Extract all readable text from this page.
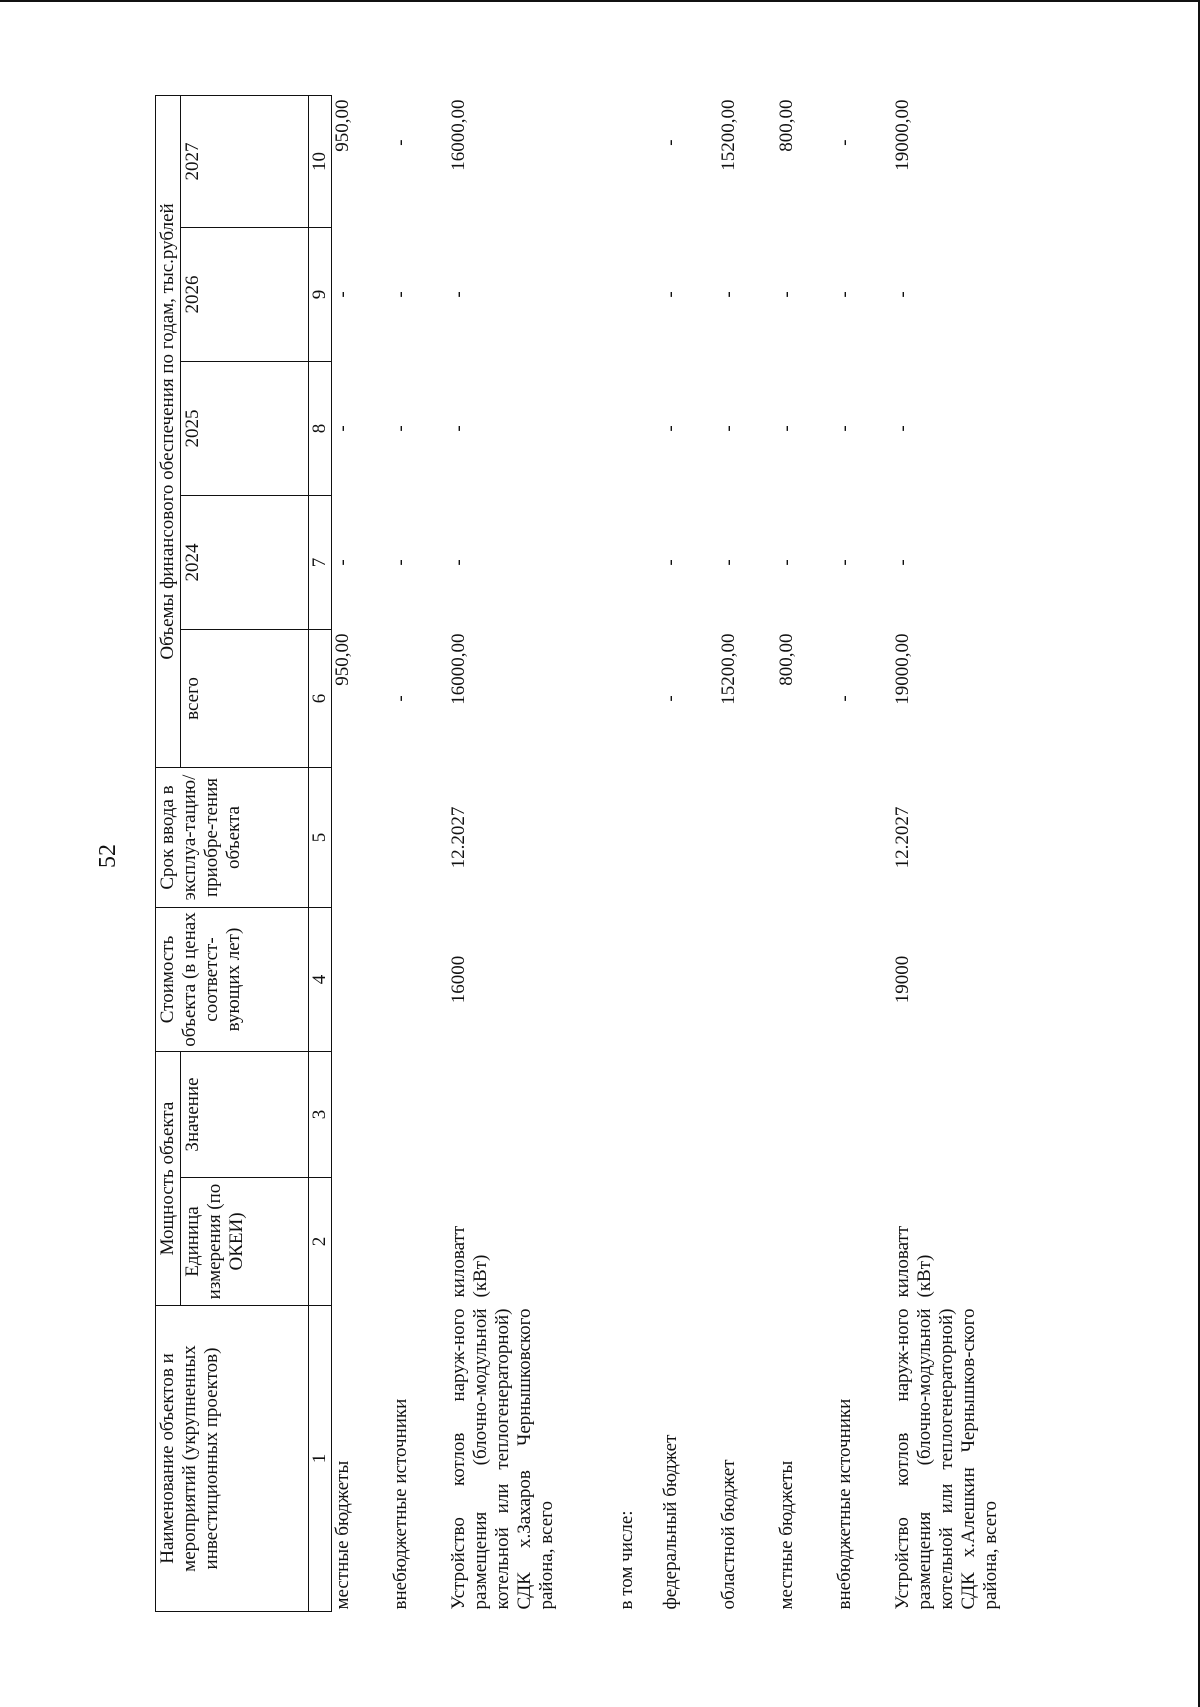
52
Наименование объектов и мероприятий (укрупненных инвестиционных проектов)	Мощность объекта		Стоимость объекта (в ценах соответст-вующих лет)	Срок ввода в эксплуа-тацию/ приобре-тения объекта	Объемы финансового обеспечения по годам, тыс.рублей				
	Единица измерения (по ОКЕИ)	Значение			всего	2024	2025	2026	2027
1	2	3	4	5	6	7	8	9	10
местные бюджеты					950,00	-	-	-	950,00
внебюджетные источники					-	-	-	-	-
Устройство котлов наруж-ного размещения (блочно-модульной котельной или теплогенераторной) СДК х.Захаров Чернышковского района, всего	киловатт (кВт)		16000	12.2027	16000,00	-	-	-	16000,00
в том числе:									
федеральный бюджет					-	-	-	-	-
областной бюджет					15200,00	-	-	-	15200,00
местные бюджеты					800,00	-	-	-	800,00
внебюджетные источники					-	-	-	-	-
Устройство котлов наруж-ного размещения (блочно-модульной котельной или теплогенераторной) СДК х.Алешкин Чернышков-ского района, всего	киловатт (кВт)		19000	12.2027	19000,00	-	-	-	19000,00
